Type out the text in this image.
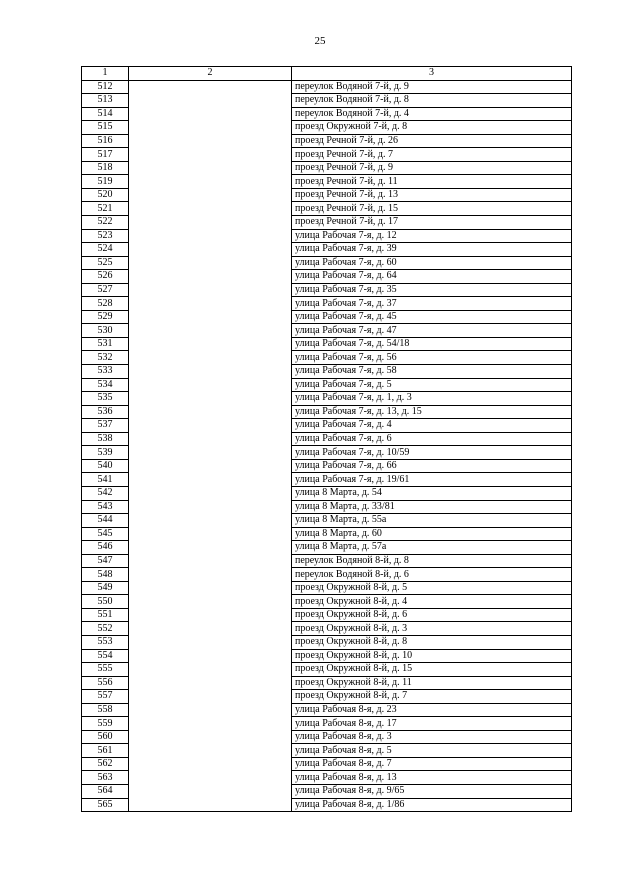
25
1	2	3
512		переулок Водяной 7-й, д. 9
513		переулок Водяной 7-й, д. 8
514		переулок Водяной 7-й, д. 4
515		проезд Окружной 7-й, д. 8
516		проезд Речной 7-й, д. 26
517		проезд Речной 7-й, д. 7
518		проезд Речной 7-й, д. 9
519		проезд Речной 7-й, д. 11
520		проезд Речной 7-й, д. 13
521		проезд Речной 7-й, д. 15
522		проезд Речной 7-й, д. 17
523		улица Рабочая 7-я, д. 12
524		улица Рабочая 7-я, д. 39
525		улица Рабочая 7-я, д. 60
526		улица Рабочая 7-я, д. 64
527		улица Рабочая 7-я, д. 35
528		улица Рабочая 7-я, д. 37
529		улица Рабочая 7-я, д. 45
530		улица Рабочая 7-я, д. 47
531		улица Рабочая 7-я, д. 54/18
532		улица Рабочая 7-я, д. 56
533		улица Рабочая 7-я, д. 58
534		улица Рабочая 7-я, д. 5
535		улица Рабочая 7-я, д. 1, д. 3
536		улица Рабочая 7-я, д. 13, д. 15
537		улица Рабочая 7-я, д. 4
538		улица Рабочая 7-я, д. 6
539		улица Рабочая 7-я, д. 10/59
540		улица Рабочая 7-я, д. 66
541		улица Рабочая 7-я, д. 19/61
542		улица 8 Марта, д. 54
543		улица 8 Марта, д. 33/81
544		улица 8 Марта, д. 55а
545		улица 8 Марта, д. 60
546		улица 8 Марта, д. 57а
547		переулок Водяной 8-й, д. 8
548		переулок Водяной 8-й, д. 6
549		проезд Окружной 8-й, д. 5
550		проезд Окружной 8-й, д. 4
551		проезд Окружной 8-й, д. 6
552		проезд Окружной 8-й, д. 3
553		проезд Окружной 8-й, д. 8
554		проезд Окружной 8-й, д. 10
555		проезд Окружной 8-й, д. 15
556		проезд Окружной 8-й, д. 11
557		проезд Окружной 8-й, д. 7
558		улица Рабочая 8-я, д. 23
559		улица Рабочая 8-я, д. 17
560		улица Рабочая 8-я, д. 3
561		улица Рабочая 8-я, д. 5
562		улица Рабочая 8-я, д. 7
563		улица Рабочая 8-я, д. 13
564		улица Рабочая 8-я, д. 9/65
565		улица Рабочая 8-я, д. 1/86
